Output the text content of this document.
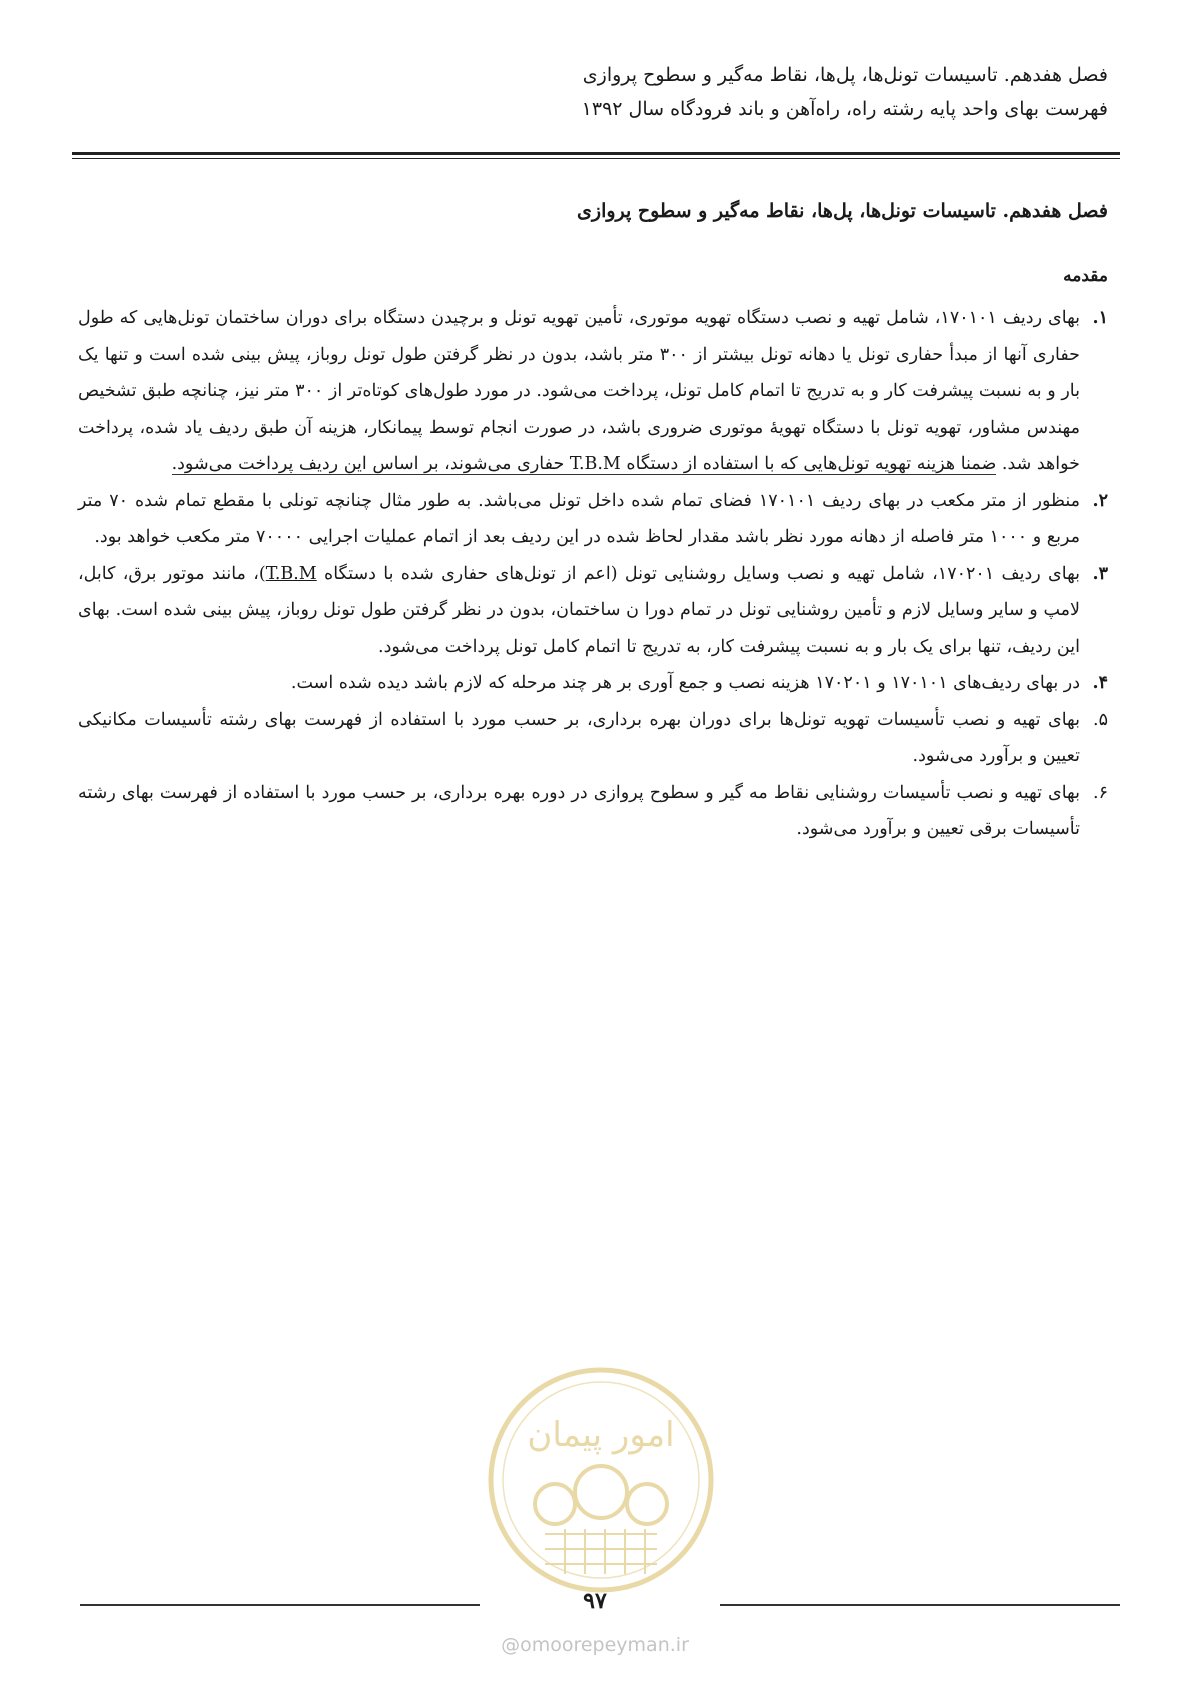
فصل هفدهم. تاسیسات تونل‌ها، پل‌ها، نقاط مه‌گیر و سطوح پروازی
فهرست بهای واحد پایه رشته راه، راه‌آهن و باند فرودگاه سال ۱۳۹۲
فصل هفدهم. تاسیسات تونل‌ها، پل‌ها، نقاط مه‌گیر و سطوح پروازی
مقدمه
۱.
بهای ردیف ۱۷۰۱۰۱، شامل تهیه و نصب دستگاه تهویه موتوری، تأمین تهویه تونل و برچیدن دستگاه برای دوران ساختمان تونل‌هایی که طول حفاری آنها از مبدأ حفاری تونل یا دهانه تونل بیشتر از ۳۰۰ متر باشد، بدون در نظر گرفتن طول تونل روباز، پیش بینی شده است و تنها یک بار و به نسبت پیشرفت کار و به تدریج تا اتمام کامل تونل، پرداخت می‌شود. در مورد طول‌های کوتاه‌تر از ۳۰۰ متر نیز، چنانچه طبق تشخیص مهندس مشاور، تهویه تونل با دستگاه تهویهٔ موتوری ضروری باشد، در صورت انجام توسط پیمانکار، هزینه آن طبق ردیف یاد شده، پرداخت خواهد شد. ضمنا هزینه تهویه تونل‌هایی که با استفاده از دستگاه T.B.M حفاری می‌شوند، بر اساس این ردیف پرداخت می‌شود.
۲.
منظور از متر مکعب در بهای ردیف ۱۷۰۱۰۱ فضای تمام شده داخل تونل می‌باشد. به طور مثال چنانچه تونلی با مقطع تمام شده ۷۰ متر مربع و ۱۰۰۰ متر فاصله از دهانه مورد نظر باشد مقدار لحاظ شده در این ردیف بعد از اتمام عملیات اجرایی ۷۰۰۰۰ متر مکعب خواهد بود.
۳.
بهای ردیف ۱۷۰۲۰۱، شامل تهیه و نصب وسایل روشنایی تونل (اعم از تونل‌های حفاری شده با دستگاه T.B.M)، مانند موتور برق، کابل، لامپ و سایر وسایل لازم و تأمین روشنایی تونل در تمام دورا ن ساختمان، بدون در نظر گرفتن طول تونل روباز، پیش بینی شده است. بهای این ردیف، تنها برای یک بار و به نسبت پیشرفت کار، به تدریج تا اتمام کامل تونل پرداخت می‌شود.
۴.
در بهای ردیف‌های ۱۷۰۱۰۱ و ۱۷۰۲۰۱ هزینه نصب و جمع آوری بر هر چند مرحله که لازم باشد دیده شده است.
۵.
بهای تهیه و نصب تأسیسات تهویه تونل‌ها برای دوران بهره برداری، بر حسب مورد با استفاده از فهرست بهای رشته تأسیسات مکانیکی تعیین و برآورد می‌شود.
۶.
بهای تهیه و نصب تأسیسات روشنایی نقاط مه گیر و سطوح پروازی در دوره بهره برداری، بر حسب مورد با استفاده از فهرست بهای رشته تأسیسات برقی تعیین و برآورد می‌شود.
امور پیمان
۹۷
@omoorepeyman.ir
